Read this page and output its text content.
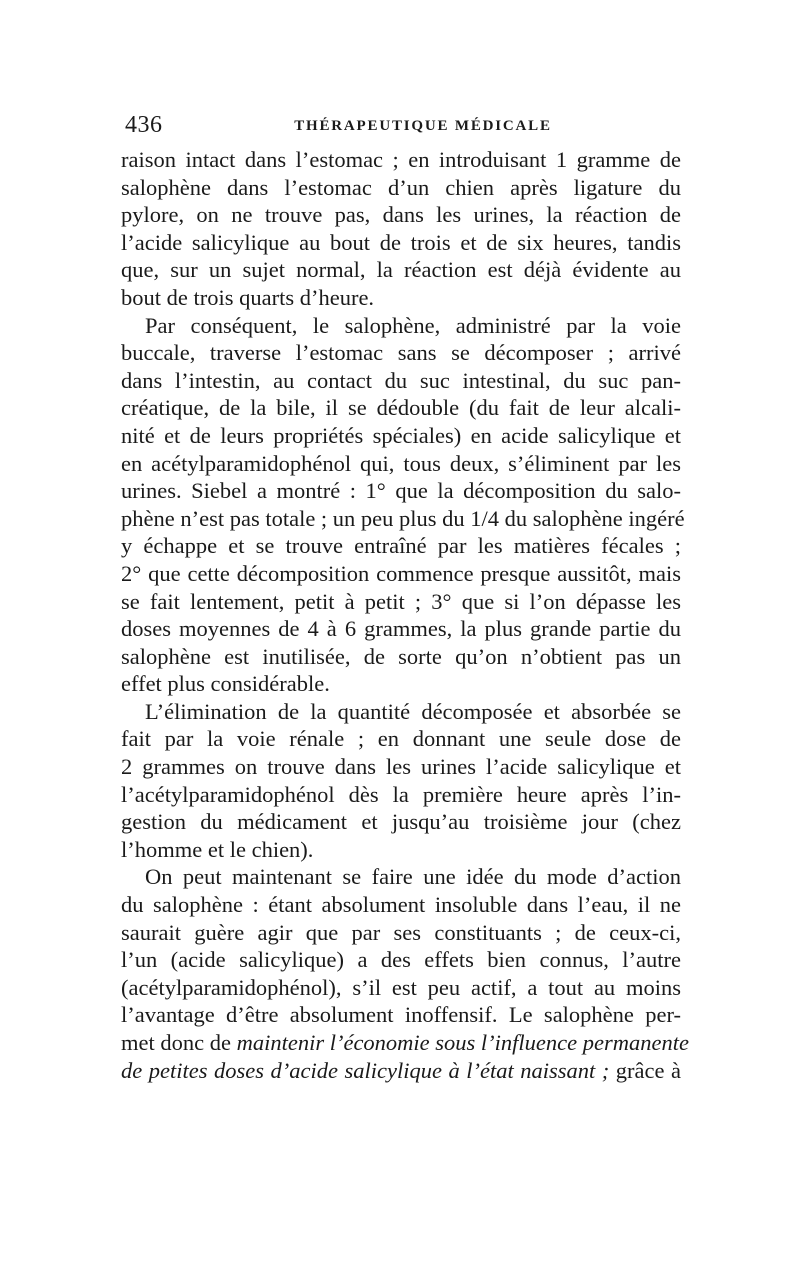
436	THÉRAPEUTIQUE MÉDICALE
raison intact dans l’estomac ; en introduisant 1 gramme de
salophène dans l’estomac d’un chien après ligature du
pylore, on ne trouve pas, dans les urines, la réaction de
l’acide salicylique au bout de trois et de six heures, tandis
que, sur un sujet normal, la réaction est déjà évidente au
bout de trois quarts d’heure.
Par conséquent, le salophène, administré par la voie
buccale, traverse l’estomac sans se décomposer ; arrivé
dans l’intestin, au contact du suc intestinal, du suc pan-
créatique, de la bile, il se dédouble (du fait de leur alcali-
nité et de leurs propriétés spéciales) en acide salicylique et
en acétylparamidophénol qui, tous deux, s’éliminent par les
urines. Siebel a montré : 1° que la décomposition du salo-
phène n’est pas totale ; un peu plus du 1/4 du salophène ingéré
y échappe et se trouve entraîné par les matières fécales ;
2° que cette décomposition commence presque aussitôt, mais
se fait lentement, petit à petit ; 3° que si l’on dépasse les
doses moyennes de 4 à 6 grammes, la plus grande partie du
salophène est inutilisée, de sorte qu’on n’obtient pas un
effet plus considérable.
L’élimination de la quantité décomposée et absorbée se
fait par la voie rénale ; en donnant une seule dose de
2 grammes on trouve dans les urines l’acide salicylique et
l’acétylparamidophénol dès la première heure après l’in-
gestion du médicament et jusqu’au troisième jour (chez
l’homme et le chien).
On peut maintenant se faire une idée du mode d’action
du salophène : étant absolument insoluble dans l’eau, il ne
saurait guère agir que par ses constituants ; de ceux-ci,
l’un (acide salicylique) a des effets bien connus, l’autre
(acétylparamidophénol), s’il est peu actif, a tout au moins
l’avantage d’être absolument inoffensif. Le salophène per-
met donc de maintenir l’économie sous l’influence permanente
de petites doses d’acide salicylique à l’état naissant ; grâce à
